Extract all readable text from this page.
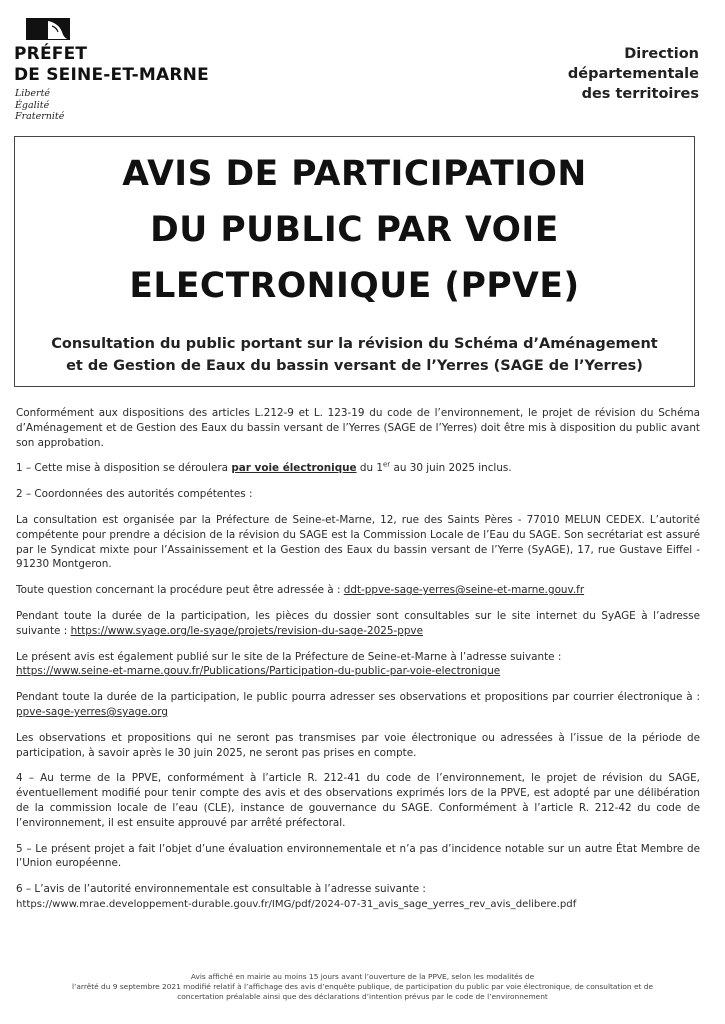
PRÉFET
DE SEINE-ET-MARNE
Liberté
Égalité
Fraternité
Direction
départementale
des territoires
AVIS DE PARTICIPATION
DU PUBLIC PAR VOIE
ELECTRONIQUE (PPVE)
Consultation du public portant sur la révision du Schéma d’Aménagement
et de Gestion de Eaux du bassin versant de l’Yerres (SAGE de l’Yerres)

Conformément aux dispositions des articles L.212-9 et L. 123-19 du code de l’environnement, le projet de révision du Schéma d’Aménagement et de Gestion des Eaux du bassin versant de l’Yerres (SAGE de l’Yerres) doit être mis à disposition du public avant son approbation.

1 – Cette mise à disposition se déroulera par voie électronique du 1er au 30 juin 2025 inclus.

2 – Coordonnées des autorités compétentes :

La consultation est organisée par la Préfecture de Seine-et-Marne, 12, rue des Saints Pères - 77010 MELUN CEDEX. L’autorité compétente pour prendre a décision de la révision du SAGE est la Commission Locale de l’Eau du SAGE. Son secrétariat est assuré par le Syndicat mixte pour l’Assainissement et la Gestion des Eaux du bassin versant de l’Yerre (SyAGE), 17, rue Gustave Eiffel - 91230 Montgeron.

Toute question concernant la procédure peut être adressée à : ddt-ppve-sage-yerres@seine-et-marne.gouv.fr

Pendant toute la durée de la participation, les pièces du dossier sont consultables sur le site internet du SyAGE à l’adresse suivante : https://www.syage.org/le-syage/projets/revision-du-sage-2025-ppve

Le présent avis est également publié sur le site de la Préfecture de Seine-et-Marne à l’adresse suivante :
https://www.seine-et-marne.gouv.fr/Publications/Participation-du-public-par-voie-electronique

Pendant toute la durée de la participation, le public pourra adresser ses observations et propositions par courrier électronique à : ppve-sage-yerres@syage.org

Les observations et propositions qui ne seront pas transmises par voie électronique ou adressées à l’issue de la période de participation, à savoir après le 30 juin 2025, ne seront pas prises en compte.

4 – Au terme de la PPVE, conformément à l’article R. 212-41 du code de l’environnement, le projet de révision du SAGE, éventuellement modifié pour tenir compte des avis et des observations exprimés lors de la PPVE, est adopté par une délibération de la commission locale de l’eau (CLE), instance de gouvernance du SAGE. Conformément à l’article R. 212-42 du code de l’environnement, il est ensuite approuvé par arrêté préfectoral.

5 – Le présent projet a fait l’objet d’une évaluation environnementale et n’a pas d’incidence notable sur un autre État Membre de l’Union européenne.

6 – L’avis de l’autorité environnementale est consultable à l’adresse suivante :
https://www.mrae.developpement-durable.gouv.fr/IMG/pdf/2024-07-31_avis_sage_yerres_rev_avis_delibere.pdf

Avis affiché en mairie au moins 15 jours avant l’ouverture de la PPVE, selon les modalités de
l’arrêté du 9 septembre 2021 modifié relatif à l’affichage des avis d’enquête publique, de participation du public par voie électronique, de consultation et de
concertation préalable ainsi que des déclarations d’intention prévus par le code de l’environnement
